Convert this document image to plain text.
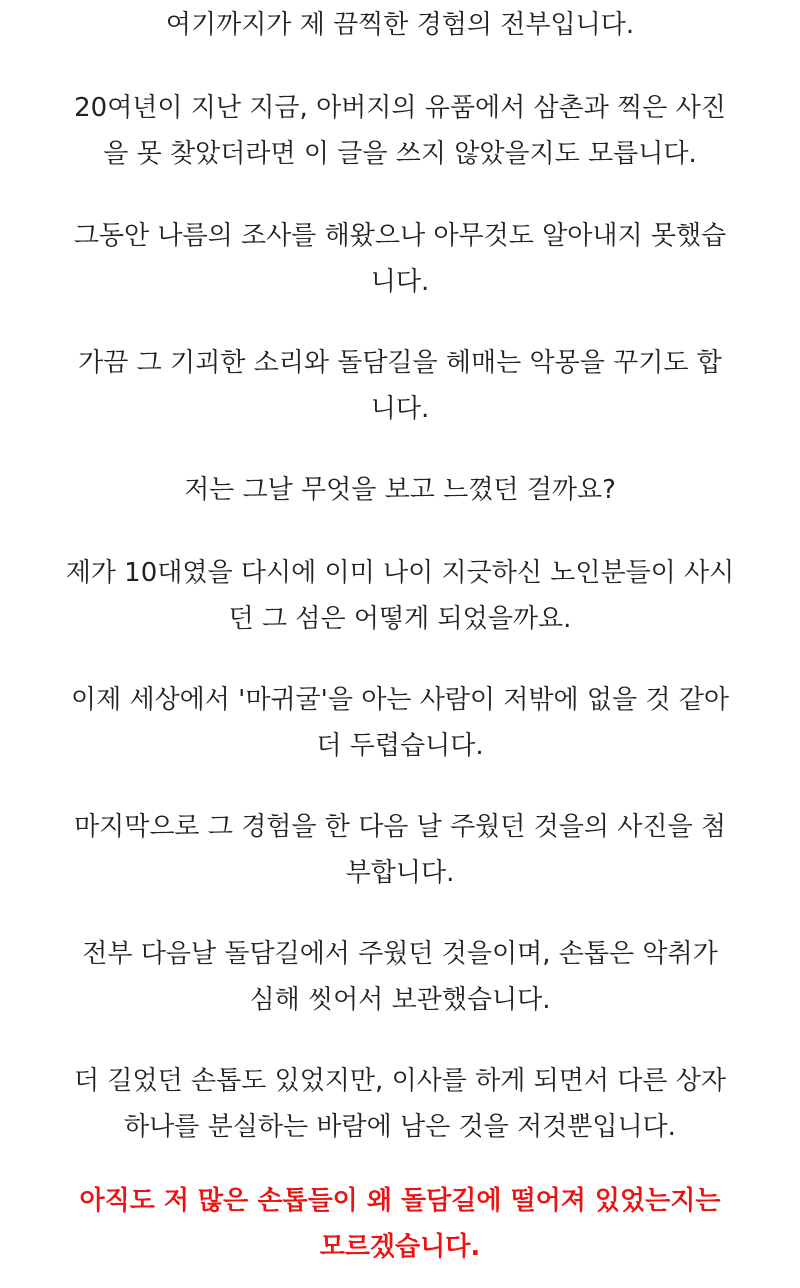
여기까지가 제 끔찍한 경험의 전부입니다.

20여년이 지난 지금, 아버지의 유품에서 삼촌과 찍은 사진
을 못 찾았더라면 이 글을 쓰지 않았을지도 모릅니다.

그동안 나름의 조사를 해왔으나 아무것도 알아내지 못했습
니다.

가끔 그 기괴한 소리와 돌담길을 헤매는 악몽을 꾸기도 합
니다.

저는 그날 무엇을 보고 느꼈던 걸까요?

제가 10대였을 다시에 이미 나이 지긋하신 노인분들이 사시
던 그 섬은 어떻게 되었을까요.

이제 세상에서 '마귀굴'을 아는 사람이 저밖에 없을 것 같아
더 두렵습니다.

마지막으로 그 경험을 한 다음 날 주웠던 것을의 사진을 첨
부합니다.

전부 다음날 돌담길에서 주웠던 것을이며, 손톱은 악취가
심해 씻어서 보관했습니다.

더 길었던 손톱도 있었지만, 이사를 하게 되면서 다른 상자
하나를 분실하는 바람에 남은 것을 저것뿐입니다.

아직도 저 많은 손톱들이 왜 돌담길에 떨어져 있었는지는
모르겠습니다.
